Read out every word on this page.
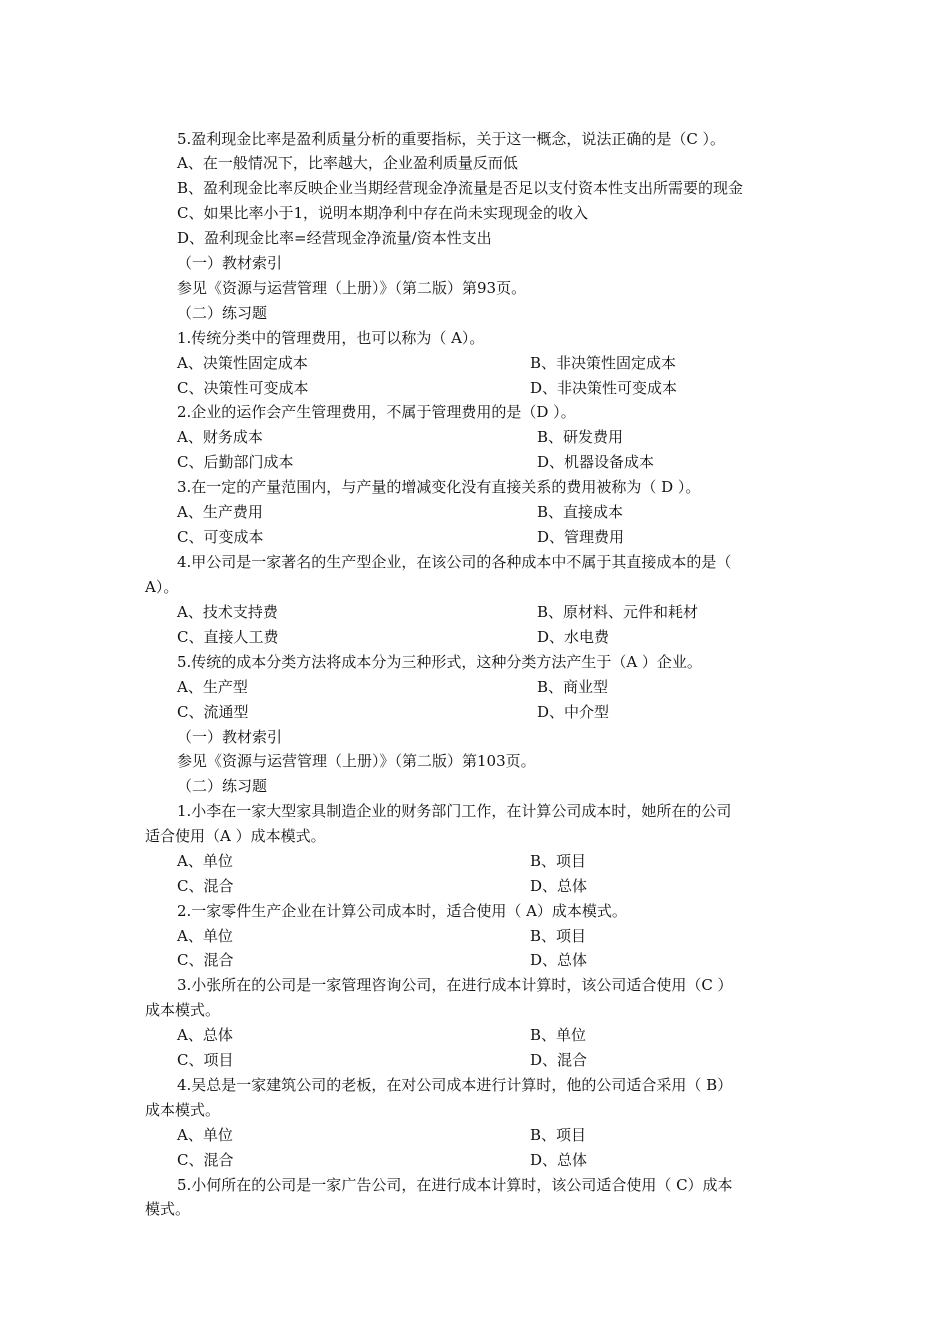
5.盈利现金比率是盈利质量分析的重要指标，关于这一概念，说法正确的是（C ）。
A、在一般情况下，比率越大，企业盈利质量反而低
B、盈利现金比率反映企业当期经营现金净流量是否足以支付资本性支出所需要的现金
C、如果比率小于1，说明本期净利中存在尚未实现现金的收入
D、盈利现金比率=经营现金净流量/资本性支出
（一）教材索引
参见《资源与运营管理（上册）》（第二版）第93页。
（二）练习题
1.传统分类中的管理费用，也可以称为（ A）。
A、决策性固定成本	B、非决策性固定成本
C、决策性可变成本	D、非决策性可变成本
2.企业的运作会产生管理费用，不属于管理费用的是（D ）。
A、财务成本	B、研发费用
C、后勤部门成本	D、机器设备成本
3.在一定的产量范围内，与产量的增减变化没有直接关系的费用被称为（ D ）。
A、生产费用	B、直接成本
C、可变成本	D、管理费用
4.甲公司是一家著名的生产型企业，在该公司的各种成本中不属于其直接成本的是（
A）。
A、技术支持费	B、原材料、元件和耗材
C、直接人工费	D、水电费
5.传统的成本分类方法将成本分为三种形式，这种分类方法产生于（A ）企业。
A、生产型	B、商业型
C、流通型	D、中介型
（一）教材索引
参见《资源与运营管理（上册）》（第二版）第103页。
（二）练习题
1.小李在一家大型家具制造企业的财务部门工作，在计算公司成本时，她所在的公司
适合使用（A ）成本模式。
A、单位	B、项目
C、混合	D、总体
2.一家零件生产企业在计算公司成本时，适合使用（ A）成本模式。
A、单位	B、项目
C、混合	D、总体
3.小张所在的公司是一家管理咨询公司，在进行成本计算时，该公司适合使用（C ）
成本模式。
A、总体	B、单位
C、项目	D、混合
4.吴总是一家建筑公司的老板，在对公司成本进行计算时，他的公司适合采用（ B）
成本模式。
A、单位	B、项目
C、混合	D、总体
5.小何所在的公司是一家广告公司，在进行成本计算时，该公司适合使用（ C）成本
模式。
